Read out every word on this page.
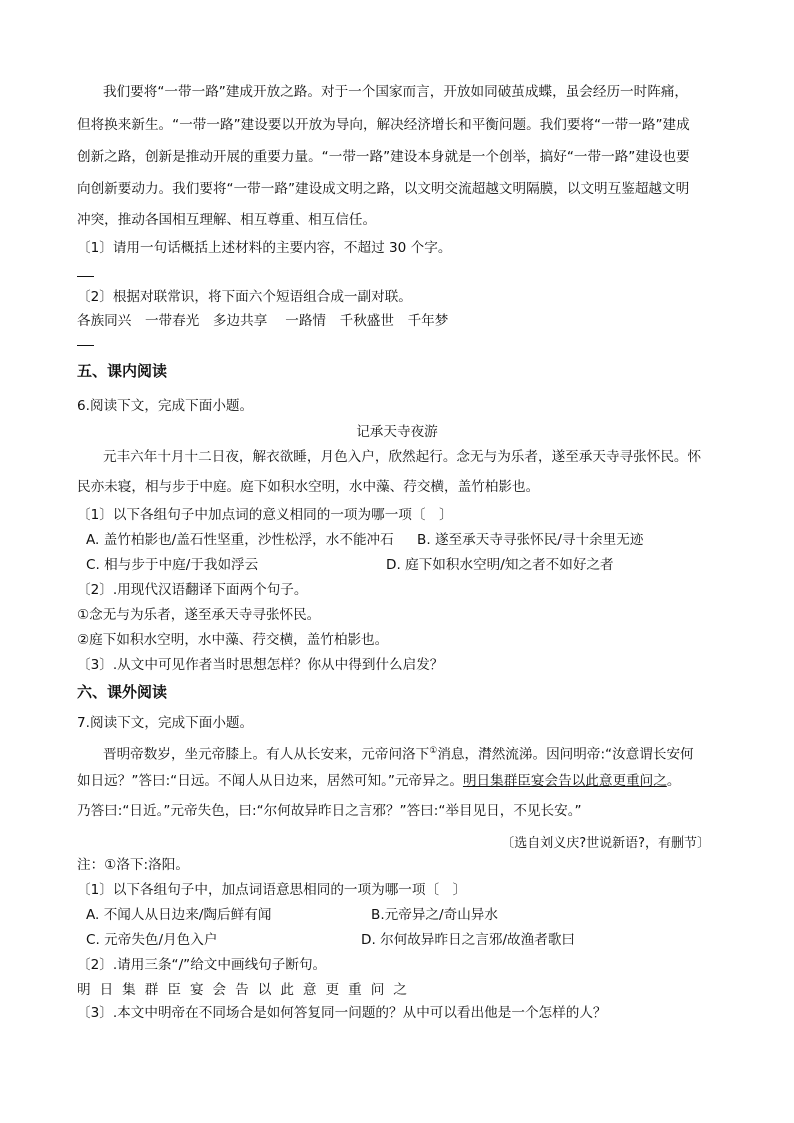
我们要将“一带一路”建成开放之路。对于一个国家而言，开放如同破茧成蝶，虽会经历一时阵痛，
但将换来新生。“一带一路”建设要以开放为导向，解决经济增长和平衡问题。我们要将“一带一路”建成
创新之路，创新是推动开展的重要力量。“一带一路”建设本身就是一个创举，搞好“一带一路”建设也要
向创新要动力。我们要将“一带一路”建设成文明之路，以文明交流超越文明隔膜，以文明互鉴超越文明
冲突，推动各国相互理解、相互尊重、相互信任。
〔1〕请用一句话概括上述材料的主要内容，不超过 30 个字。
〔2〕根据对联常识，将下面六个短语组合成一副对联。
各族同兴　一带春光　多边共享　 一路情　千秋盛世　千年梦
五、课内阅读
6.阅读下文，完成下面小题。
记承天寺夜游
元丰六年十月十二日夜，解衣欲睡，月色入户，欣然起行。念无与为乐者，遂至承天寺寻张怀民。怀
民亦未寝，相与步于中庭。庭下如积水空明，水中藻、荇交横，盖竹柏影也。
〔1〕以下各组句子中加点词的意义相同的一项为哪一项〔　〕
A. 盖竹柏影也/盖石性坚重，沙性松浮，水不能冲石 B. 遂至承天寺寻张怀民/寻十余里无迹
C. 相与步于中庭/于我如浮云	D. 庭下如积水空明/知之者不如好之者
〔2〕.用现代汉语翻译下面两个句子。
①念无与为乐者，遂至承天寺寻张怀民。
②庭下如积水空明，水中藻、荇交横，盖竹柏影也。
〔3〕.从文中可见作者当时思想怎样？你从中得到什么启发？
六、课外阅读
7.阅读下文，完成下面小题。
晋明帝数岁，坐元帝膝上。有人从长安来，元帝问洛下①消息，潸然流涕。因问明帝:“汝意谓长安何
如日远？”答曰:“日远。不闻人从日边来，居然可知。”元帝异之。明日集群臣宴会告以此意更重问之。
乃答曰:“日近。”元帝失色，曰:“尔何故异昨日之言邪？”答曰:“举目见日，不见长安。”
〔选自刘义庆?世说新语?，有删节〕
注：①洛下:洛阳。
〔1〕以下各组句子中，加点词语意思相同的一项为哪一项〔　〕
A. 不闻人从日边来/陶后鲜有闻	B.元帝异之/奇山异水
C. 元帝失色/月色入户	D. 尔何故异昨日之言邪/故渔者歌曰
〔2〕.请用三条“/”给文中画线句子断句。
明日集群臣宴会告以此意更重问之
〔3〕.本文中明帝在不同场合是如何答复同一问题的？从中可以看出他是一个怎样的人？
